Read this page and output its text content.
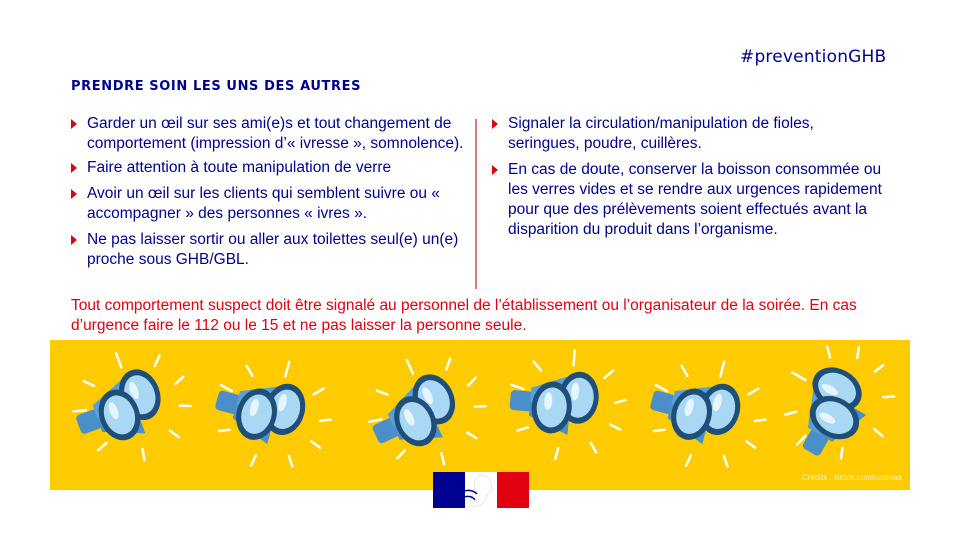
#preventionGHB
PRENDRE SOIN LES UNS DES AUTRES
Garder un œil sur ses ami(e)s et tout changement de comportement (impression d’« ivresse », somnolence).
Faire attention à toute manipulation de verre
Avoir un œil sur les clients qui semblent suivre ou « accompagner » des personnes « ivres ».
Ne pas laisser sortir ou aller aux toilettes seul(e) un(e) proche sous GHB/GBL.
Signaler la circulation/manipulation de fioles, seringues, poudre, cuillères.
En cas de doute, conserver la boisson consommée ou les verres vides et se rendre aux urgences rapidement pour que des prélèvements soient effectués avant la disparition du produit dans l’organisme.
Tout comportement suspect doit être signalé au personnel de l’établissement ou l’organisateur de la soirée. En cas d’urgence faire le 112 ou le 15 et ne pas laisser la personne seule.
Crédits : istock.com/cosmaa
